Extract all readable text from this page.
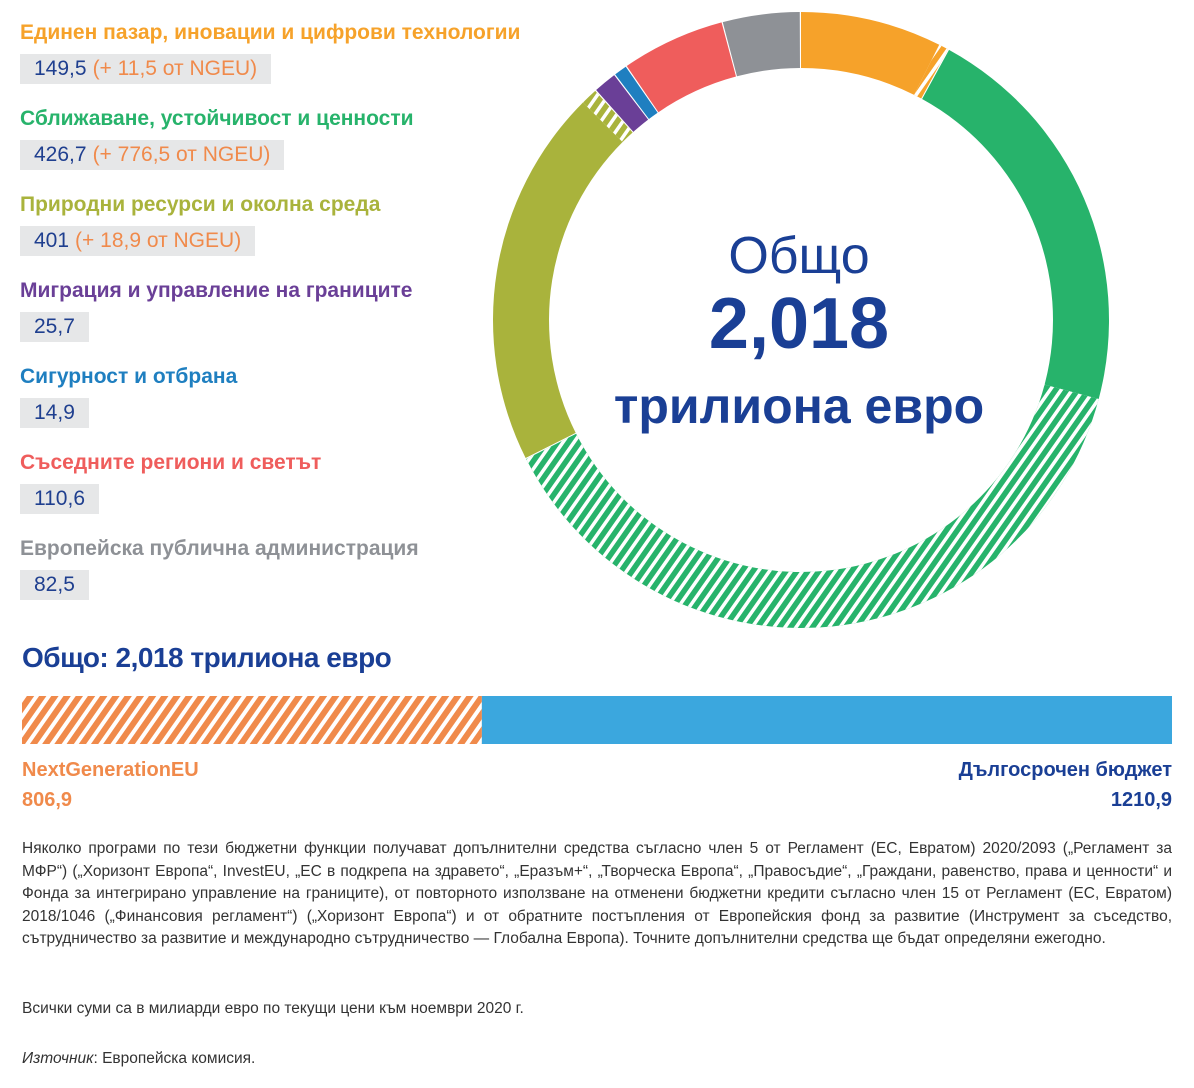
Единен пазар, иновации и цифрови технологии
149,5 (+ 11,5 от NGEU)
Сближаване, устойчивост и ценности
426,7 (+ 776,5 от NGEU)
Природни ресурси и околна среда
401 (+ 18,9 от NGEU)
Миграция и управление на границите
25,7
Сигурност и отбрана
14,9
Съседните региони и светът
110,6
Европейска публична администрация
82,5
Общо
2,018
трилиона евро
Общо: 2,018 трилиона евро
NextGenerationEU
806,9
Дългосрочен бюджет
1210,9
Няколко програми по тези бюджетни функции получават допълнителни средства съгласно член 5 от Регламент (ЕС, Евратом) 2020/2093 („Регламент за МФР“) („Хоризонт Европа“, InvestEU, „ЕС в подкрепа на здравето“, „Еразъм+“, „Творческа Европа“, „Правосъдие“, „Граждани, равенство, права и ценности“ и Фонда за интегрирано управление на границите), от повторното използване на отменени бюджетни кредити съгласно член 15 от Регламент (ЕС, Евратом) 2018/1046 („Финансовия регламент“) („Хоризонт Европа“) и от обратните постъпления от Европейския фонд за развитие (Инструмент за съседство, сътрудничество за развитие и международно сътрудничество — Глобална Европа). Точните допълнителни средства ще бъдат определяни ежегодно.
Всички суми са в милиарди евро по текущи цени към ноември 2020 г.
Източник: Европейска комисия.
